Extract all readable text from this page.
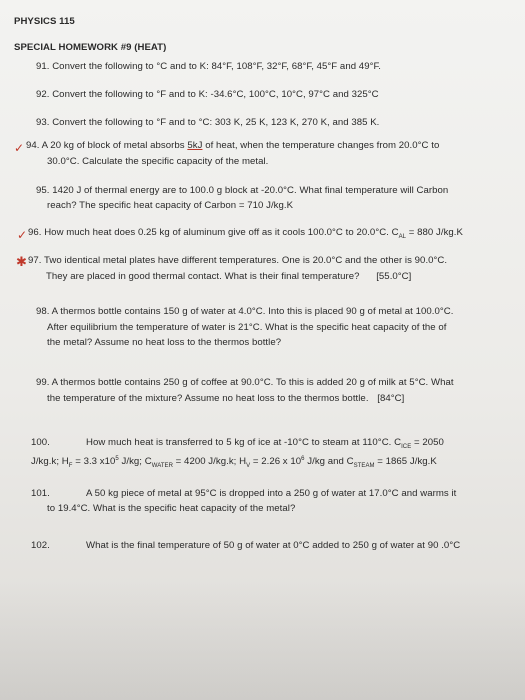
PHYSICS 115
SPECIAL HOMEWORK #9 (HEAT)
91. Convert the following to °C and to K: 84°F, 108°F, 32°F, 68°F, 45°F and 49°F.
92. Convert the following to °F and to K: -34.6°C, 100°C, 10°C, 97°C and 325°C
93. Convert the following to °F and to °C: 303 K, 25 K, 123 K, 270 K, and 385 K.
✓ 94. A 20 kg of block of metal absorbs 5kJ of heat, when the temperature changes from 20.0°C to
30.0°C. Calculate the specific capacity of the metal.
95. 1420 J of thermal energy are to 100.0 g block at -20.0°C. What final temperature will Carbon
reach? The specific heat capacity of Carbon = 710 J/kg.K
✓ 96. How much heat does 0.25 kg of aluminum give off as it cools 100.0°C to 20.0°C. $C_{AL} = 880$ J/kg.K
✱ 97. Two identical metal plates have different temperatures. One is 20.0°C and the other is 90.0°C.
They are placed in good thermal contact. What is their final temperature? [55.0°C]
98. A thermos bottle contains 150 g of water at 4.0°C. Into this is placed 90 g of metal at 100.0°C.
After equilibrium the temperature of water is 21°C. What is the specific heat capacity of the of
the metal? Assume no heat loss to the thermos bottle?
99. A thermos bottle contains 250 g of coffee at 90.0°C. To this is added 20 g of milk at 5°C. What
the temperature of the mixture? Assume no heat loss to the thermos bottle. [84°C]
100.	How much heat is transferred to 5 kg of ice at -10°C to steam at 110°C. $C_{ICE} = 2050$
J/kg.k; $H_F = 3.3$ $x10^5$ J/kg; $C_{WATER} = 4200$ J/kg.k; $H_V = 2.26$ x $10^6$ J/kg and $C_{STEAM} = 1865$ J/kg.K
101.	A 50 kg piece of metal at 95°C is dropped into a 250 g of water at 17.0°C and warms it
to 19.4°C. What is the specific heat capacity of the metal?
102.	What is the final temperature of 50 g of water at 0°C added to 250 g of water at 90 .0°C
